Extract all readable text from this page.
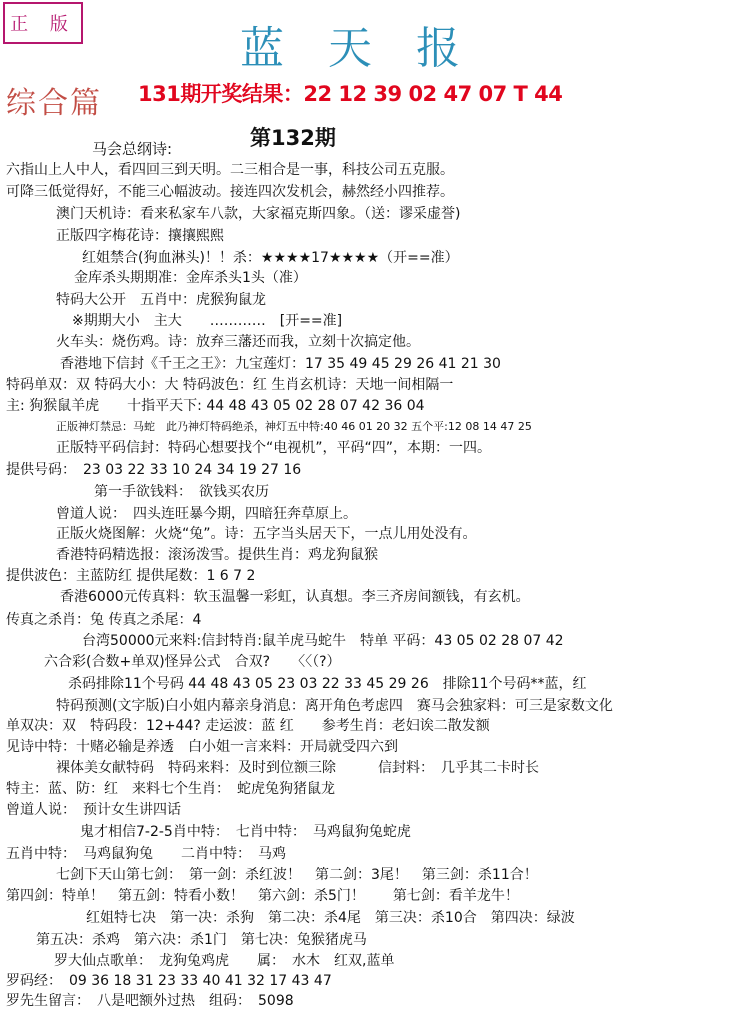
正 版	蓝天报
综合篇 131期开奖结果：22 12 39 02 47 07 T 44
马会总纲诗:	第132期
六指山上人中人，看四回三到天明。二三相合是一事，科技公司五克服。
可降三低觉得好，不能三心幅波动。接连四次发机会，赫然经小四推荐。
澳门天机诗：看来私家车八款，大家福克斯四象。（送：谬采虚誉)
正版四字梅花诗：攘攘熙熙
红姐禁合(狗血淋头)！！杀：★★★★17★★★★（开==准）
金库杀头期期准：金库杀头1头（准）
特码大公开　五肖中：虎猴狗鼠龙
※期期大小　主大　　…………　[开==准]
火车头：烧伤鸡。诗：放弃三藩还而我，立刻十次搞定他。
香港地下信封《千王之王》：九宝莲灯：17 35 49 45 29 26 41 21 30
特码单双：双 特码大小：大 特码波色：红 生肖玄机诗：天地一间相隔一
主: 狗猴鼠羊虎　　十指平天下: 44 48 43 05 02 28 07 42 36 04
正版神灯禁忌：马蛇　此乃神灯特码绝杀，神灯五中特:40 46 01 20 32 五个平:12 08 14 47 25
正版特平码信封：特码心想要找个“电视机”，平码“四”，本期：一四。
提供号码：　23 03 22 33 10 24 34 19 27 16
第一手欲钱料：　欲钱买农历
曾道人说：　四头连旺暴今期，四暗狂奔草原上。
正版火烧图解：火烧“兔”。诗：五字当头居天下，一点儿用处没有。
香港特码精选报：滚汤泼雪。提供生肖：鸡龙狗鼠猴
提供波色：主蓝防红 提供尾数：1 6 7 2
香港6000元传真料：软玉温馨一彩虹，认真想。李三齐房间额钱，有玄机。
传真之杀肖：兔 传真之杀尾：4
台湾50000元来料:信封特肖:鼠羊虎马蛇牛　特单 平码：43 05 02 28 07 42
六合彩(合数+单双)怪异公式　合双?　　〈〈（?）
杀码排除11个号码 44 48 43 05 23 03 22 33 45 29 26　排除11个号码**蓝，红
特码预测(文字版)白小姐内幕亲身消息：离开角色考虑四　赛马会独家料：可三是家数文化
单双决：双　特码段：12+44? 走运波：蓝 红　　参考生肖：老妇诶二散发额
见诗中特：十赌必输是养透　白小姐一言来料：开局就受四六到
裸体美女献特码　特码来料：及时到位额三除　　　信封料：　几乎其二卡时长
特主：蓝、防：红　来料七个生肖：　蛇虎兔狗猪鼠龙
曾道人说：　预计女生讲四话
鬼才相信7-2-5肖中特：　七肖中特：　马鸡鼠狗兔蛇虎
五肖中特：　马鸡鼠狗兔　　二肖中特：　马鸡
七剑下天山第七剑：　第一剑：杀红波！　第二剑：3尾！　第三剑：杀11合！
第四剑：特单！　第五剑：特看小数！　第六剑：杀5门！　　第七剑：看羊龙牛！
红姐特七决　第一决：杀狗　第二决：杀4尾　第三决：杀10合　第四决：绿波
第五决：杀鸡　第六决：杀1门　第七决：兔猴猪虎马
罗大仙点歌单：　龙狗兔鸡虎　　属：　水木　红双,蓝单
罗码经：　09 36 18 31 23 33 40 41 32 17 43 47
罗先生留言：　八是吧额外过热　组码：　5098
